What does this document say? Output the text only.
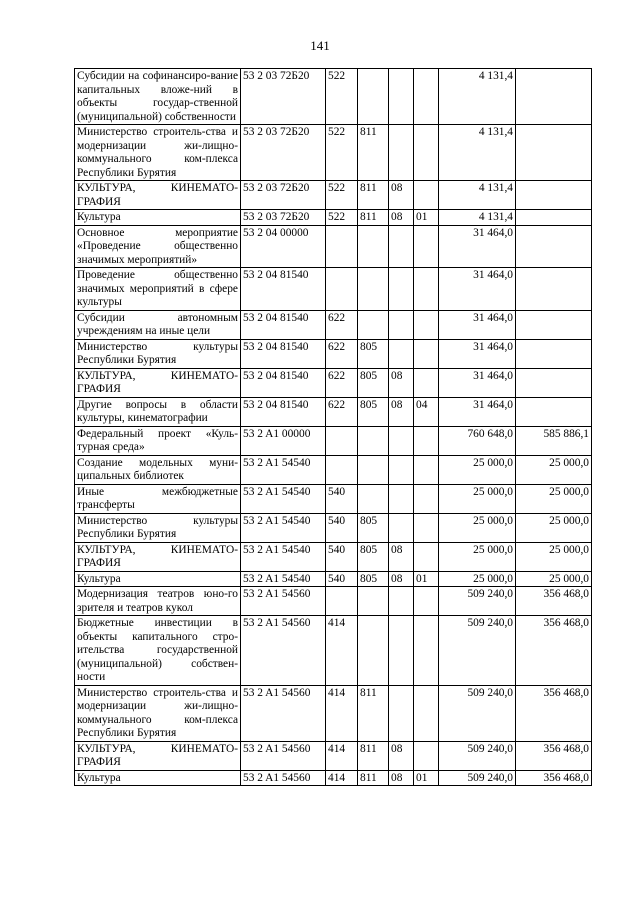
141
Субсидии на софинансиро-вание капитальных вложе-ний в объекты государ-ственной (муниципальной) собственности	53 2 03 72Б20	522				4 131,4	
Министерство строитель-ства и модернизации жи-лищно-коммунального ком-плекса Республики Бурятия	53 2 03 72Б20	522	811			4 131,4	
КУЛЬТУРА, КИНЕМАТО-ГРАФИЯ	53 2 03 72Б20	522	811	08		4 131,4	
Культура	53 2 03 72Б20	522	811	08	01	4 131,4	
Основное мероприятие «Проведение общественно значимых мероприятий»	53 2 04 00000					31 464,0	
Проведение общественно значимых мероприятий в сфере культуры	53 2 04 81540					31 464,0	
Субсидии автономным учреждениям на иные цели	53 2 04 81540	622				31 464,0	
Министерство культуры Республики Бурятия	53 2 04 81540	622	805			31 464,0	
КУЛЬТУРА, КИНЕМАТО-ГРАФИЯ	53 2 04 81540	622	805	08		31 464,0	
Другие вопросы в области культуры, кинематографии	53 2 04 81540	622	805	08	04	31 464,0	
Федеральный проект «Куль-турная среда»	53 2 A1 00000					760 648,0	585 886,1
Создание модельных муни-ципальных библиотек	53 2 A1 54540					25 000,0	25 000,0
Иные межбюджетные трансферты	53 2 A1 54540	540				25 000,0	25 000,0
Министерство культуры Республики Бурятия	53 2 A1 54540	540	805			25 000,0	25 000,0
КУЛЬТУРА, КИНЕМАТО-ГРАФИЯ	53 2 A1 54540	540	805	08		25 000,0	25 000,0
Культура	53 2 A1 54540	540	805	08	01	25 000,0	25 000,0
Модернизация театров юно-го зрителя и театров кукол	53 2 A1 54560					509 240,0	356 468,0
Бюджетные инвестиции в объекты капитального стро-ительства государственной (муниципальной) собствен-ности	53 2 A1 54560	414				509 240,0	356 468,0
Министерство строитель-ства и модернизации жи-лищно-коммунального ком-плекса Республики Бурятия	53 2 A1 54560	414	811			509 240,0	356 468,0
КУЛЬТУРА, КИНЕМАТО-ГРАФИЯ	53 2 A1 54560	414	811	08		509 240,0	356 468,0
Культура	53 2 A1 54560	414	811	08	01	509 240,0	356 468,0
